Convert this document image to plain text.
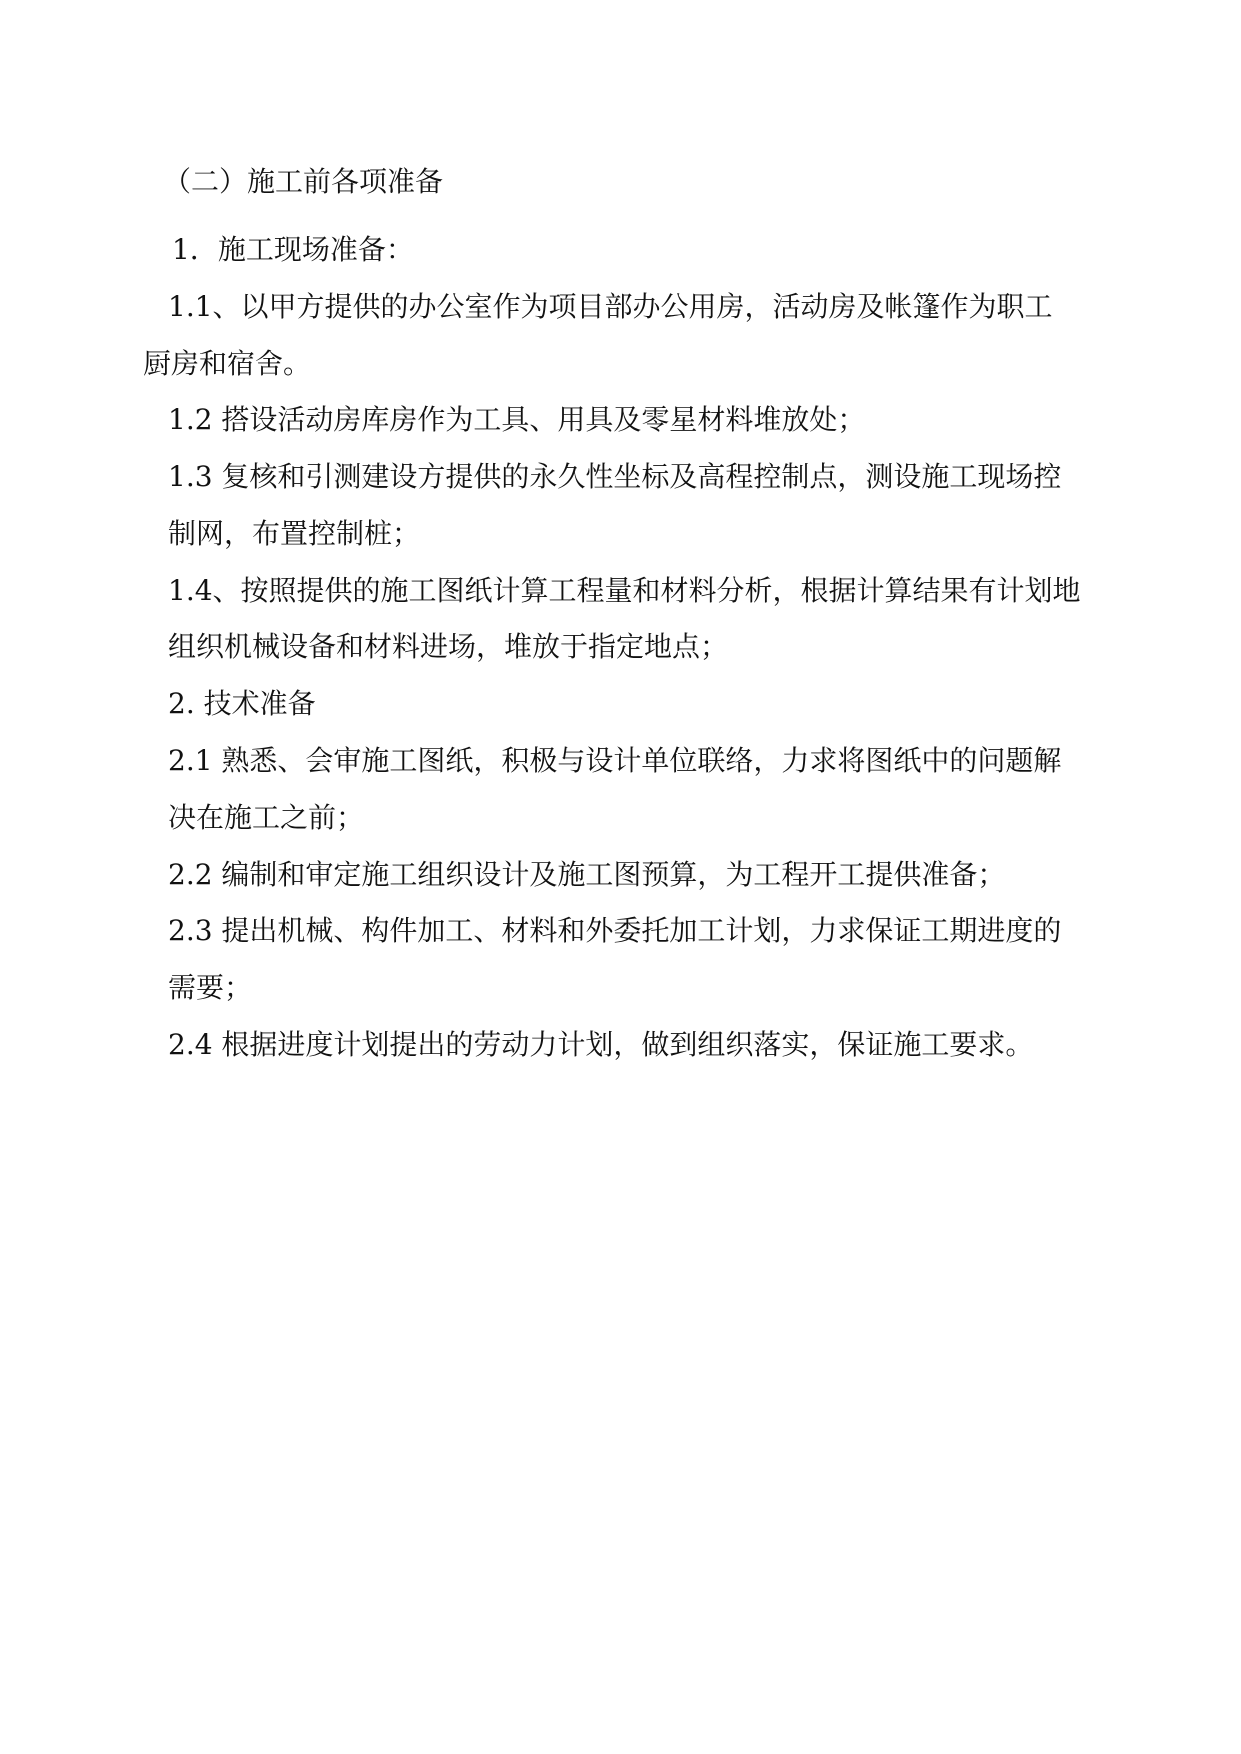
（二）施工前各项准备
1．施工现场准备：
1.1、以甲方提供的办公室作为项目部办公用房，活动房及帐篷作为职工
厨房和宿舍。
1.2 搭设活动房库房作为工具、用具及零星材料堆放处；
1.3 复核和引测建设方提供的永久性坐标及高程控制点，测设施工现场控
制网，布置控制桩；
1.4、按照提供的施工图纸计算工程量和材料分析，根据计算结果有计划地
组织机械设备和材料进场，堆放于指定地点；
2. 技术准备
2.1 熟悉、会审施工图纸，积极与设计单位联络，力求将图纸中的问题解
决在施工之前；
2.2 编制和审定施工组织设计及施工图预算，为工程开工提供准备；
2.3 提出机械、构件加工、材料和外委托加工计划，力求保证工期进度的
需要；
2.4 根据进度计划提出的劳动力计划，做到组织落实，保证施工要求。
